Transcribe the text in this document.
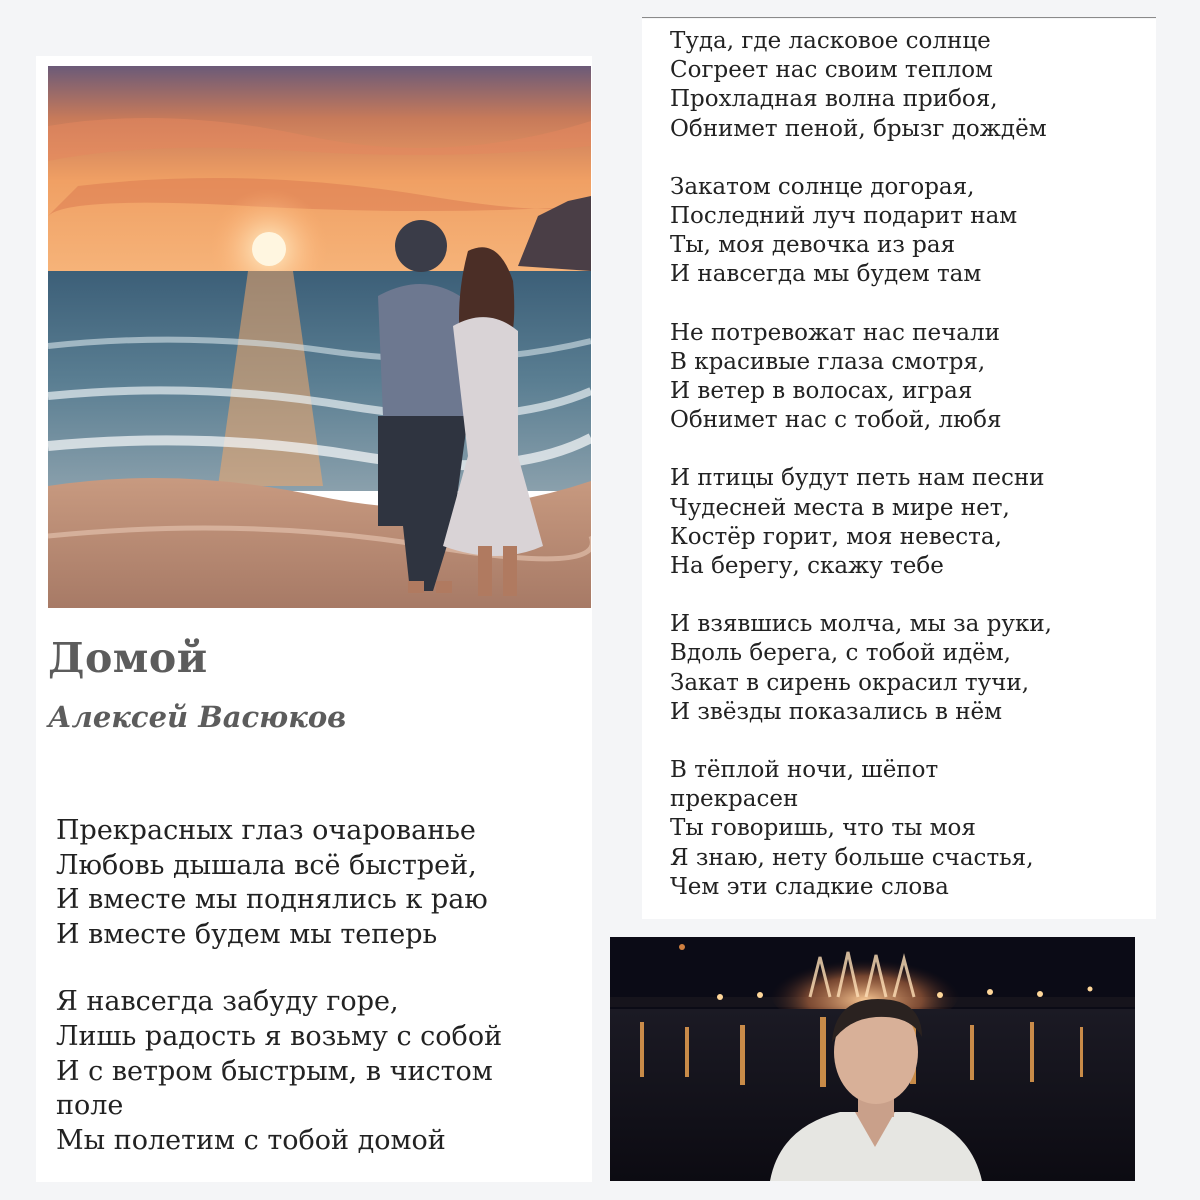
Домой
Алексей Васюков

Прекрасных глаз очарованье
Любовь дышала всё быстрей,
И вместе мы поднялись к раю
И вместе будем мы теперь

Я навсегда забуду горе,
Лишь радость я возьму с собой
И с ветром быстрым, в чистом
поле
Мы полетим с тобой домой

Туда, где ласковое солнце
Согреет нас своим теплом
Прохладная волна прибоя,
Обнимет пеной, брызг дождём

Закатом солнце догорая,
Последний луч подарит нам
Ты, моя девочка из рая
И навсегда мы будем там

Не потревожат нас печали
В красивые глаза смотря,
И ветер в волосах, играя
Обнимет нас с тобой, любя

И птицы будут петь нам песни
Чудесней места в мире нет,
Костёр горит, моя невеста,
На берегу, скажу тебе

И взявшись молча, мы за руки,
Вдоль берега, с тобой идём,
Закат в сирень окрасил тучи,
И звёзды показались в нём

В тёплой ночи, шёпот
прекрасен
Ты говоришь, что ты моя
Я знаю, нету больше счастья,
Чем эти сладкие слова
